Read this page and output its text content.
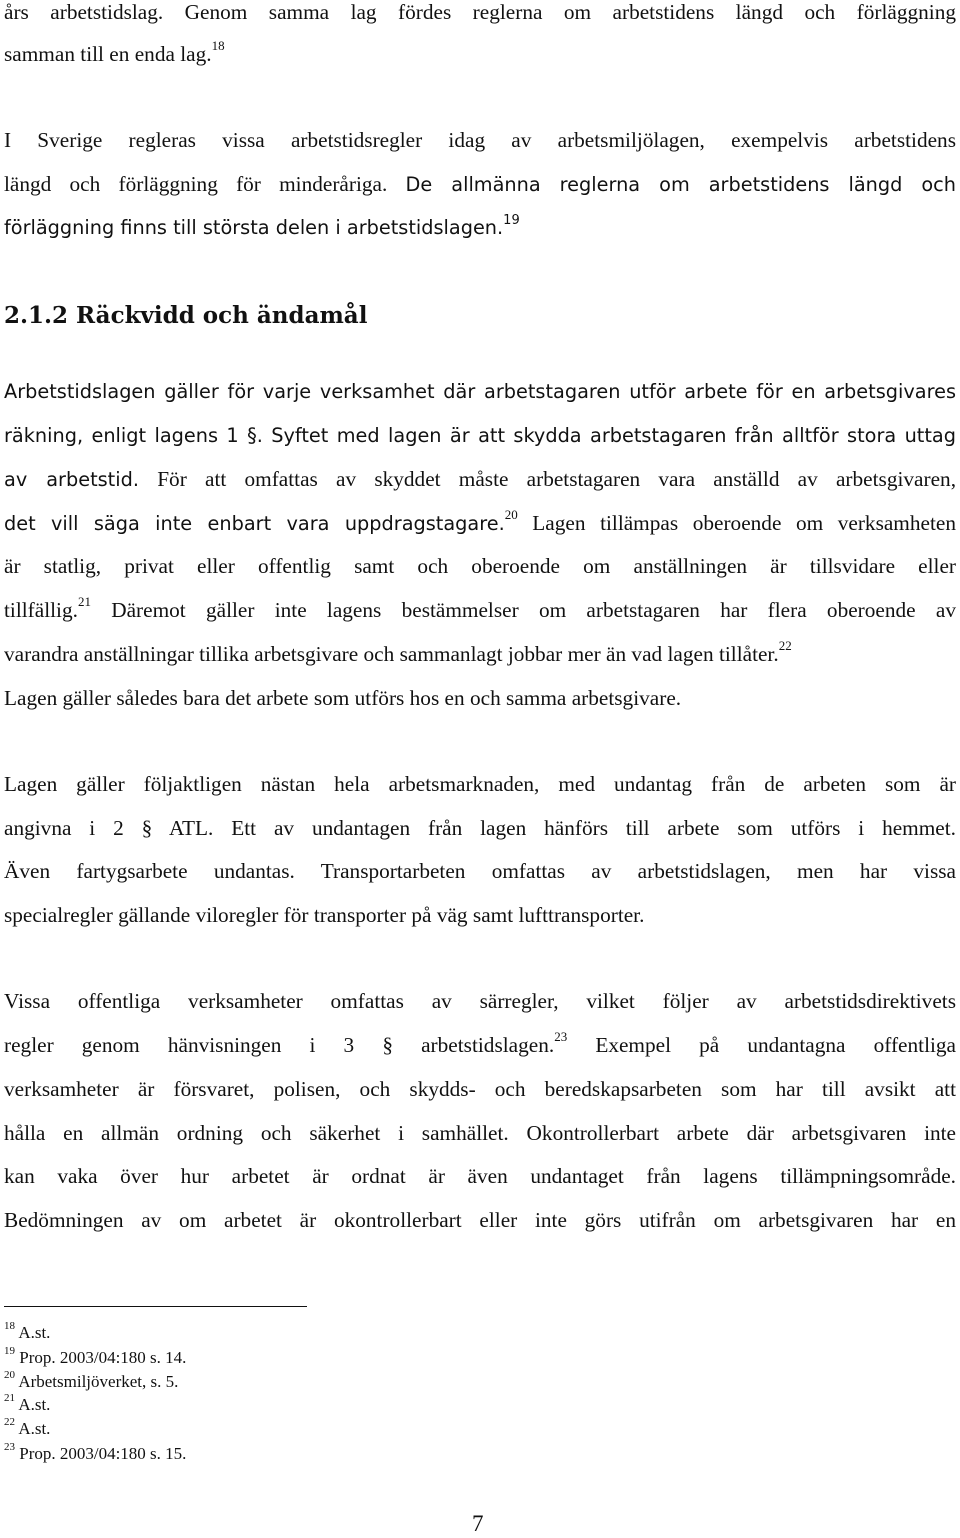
års arbetstidslag. Genom samma lag fördes reglerna om arbetstidens längd och förläggning
samman till en enda lag.$^{18}$
I Sverige regleras vissa arbetstidsregler idag av arbetsmiljölagen, exempelvis arbetstidens
längd och förläggning för minderåriga. De allmänna reglerna om arbetstidens längd och
förläggning finns till största delen i arbetstidslagen.$^{19}$
2.1.2 Räckvidd och ändamål
Arbetstidslagen gäller för varje verksamhet där arbetstagaren utför arbete för en arbetsgivares
räkning, enligt lagens 1 §. Syftet med lagen är att skydda arbetstagaren från alltför stora uttag
av arbetstid. För att omfattas av skyddet måste arbetstagaren vara anställd av arbetsgivaren,
det vill säga inte enbart vara uppdragstagare.$^{20}$ Lagen tillämpas oberoende om verksamheten
är statlig, privat eller offentlig samt och oberoende om anställningen är tillsvidare eller
tillfällig.$^{21}$ Däremot gäller inte lagens bestämmelser om arbetstagaren har flera oberoende av
varandra anställningar tillika arbetsgivare och sammanlagt jobbar mer än vad lagen tillåter.$^{22}$
Lagen gäller således bara det arbete som utförs hos en och samma arbetsgivare.
Lagen gäller följaktligen nästan hela arbetsmarknaden, med undantag från de arbeten som är
angivna i 2 § ATL. Ett av undantagen från lagen hänförs till arbete som utförs i hemmet.
Även fartygsarbete undantas. Transportarbeten omfattas av arbetstidslagen, men har vissa
specialregler gällande viloregler för transporter på väg samt lufttransporter.
Vissa offentliga verksamheter omfattas av särregler, vilket följer av arbetstidsdirektivets
regler genom hänvisningen i 3 § arbetstidslagen.$^{23}$ Exempel på undantagna offentliga
verksamheter är försvaret, polisen, och skydds- och beredskapsarbeten som har till avsikt att
hålla en allmän ordning och säkerhet i samhället. Okontrollerbart arbete där arbetsgivaren inte
kan vaka över hur arbetet är ordnat är även undantaget från lagens tillämpningsområde.
Bedömningen av om arbetet är okontrollerbart eller inte görs utifrån om arbetsgivaren har en
$^{18}$ A.st.
$^{19}$ Prop. 2003/04:180 s. 14.
$^{20}$ Arbetsmiljöverket, s. 5.
$^{21}$ A.st.
$^{22}$ A.st.
$^{23}$ Prop. 2003/04:180 s. 15.
7
